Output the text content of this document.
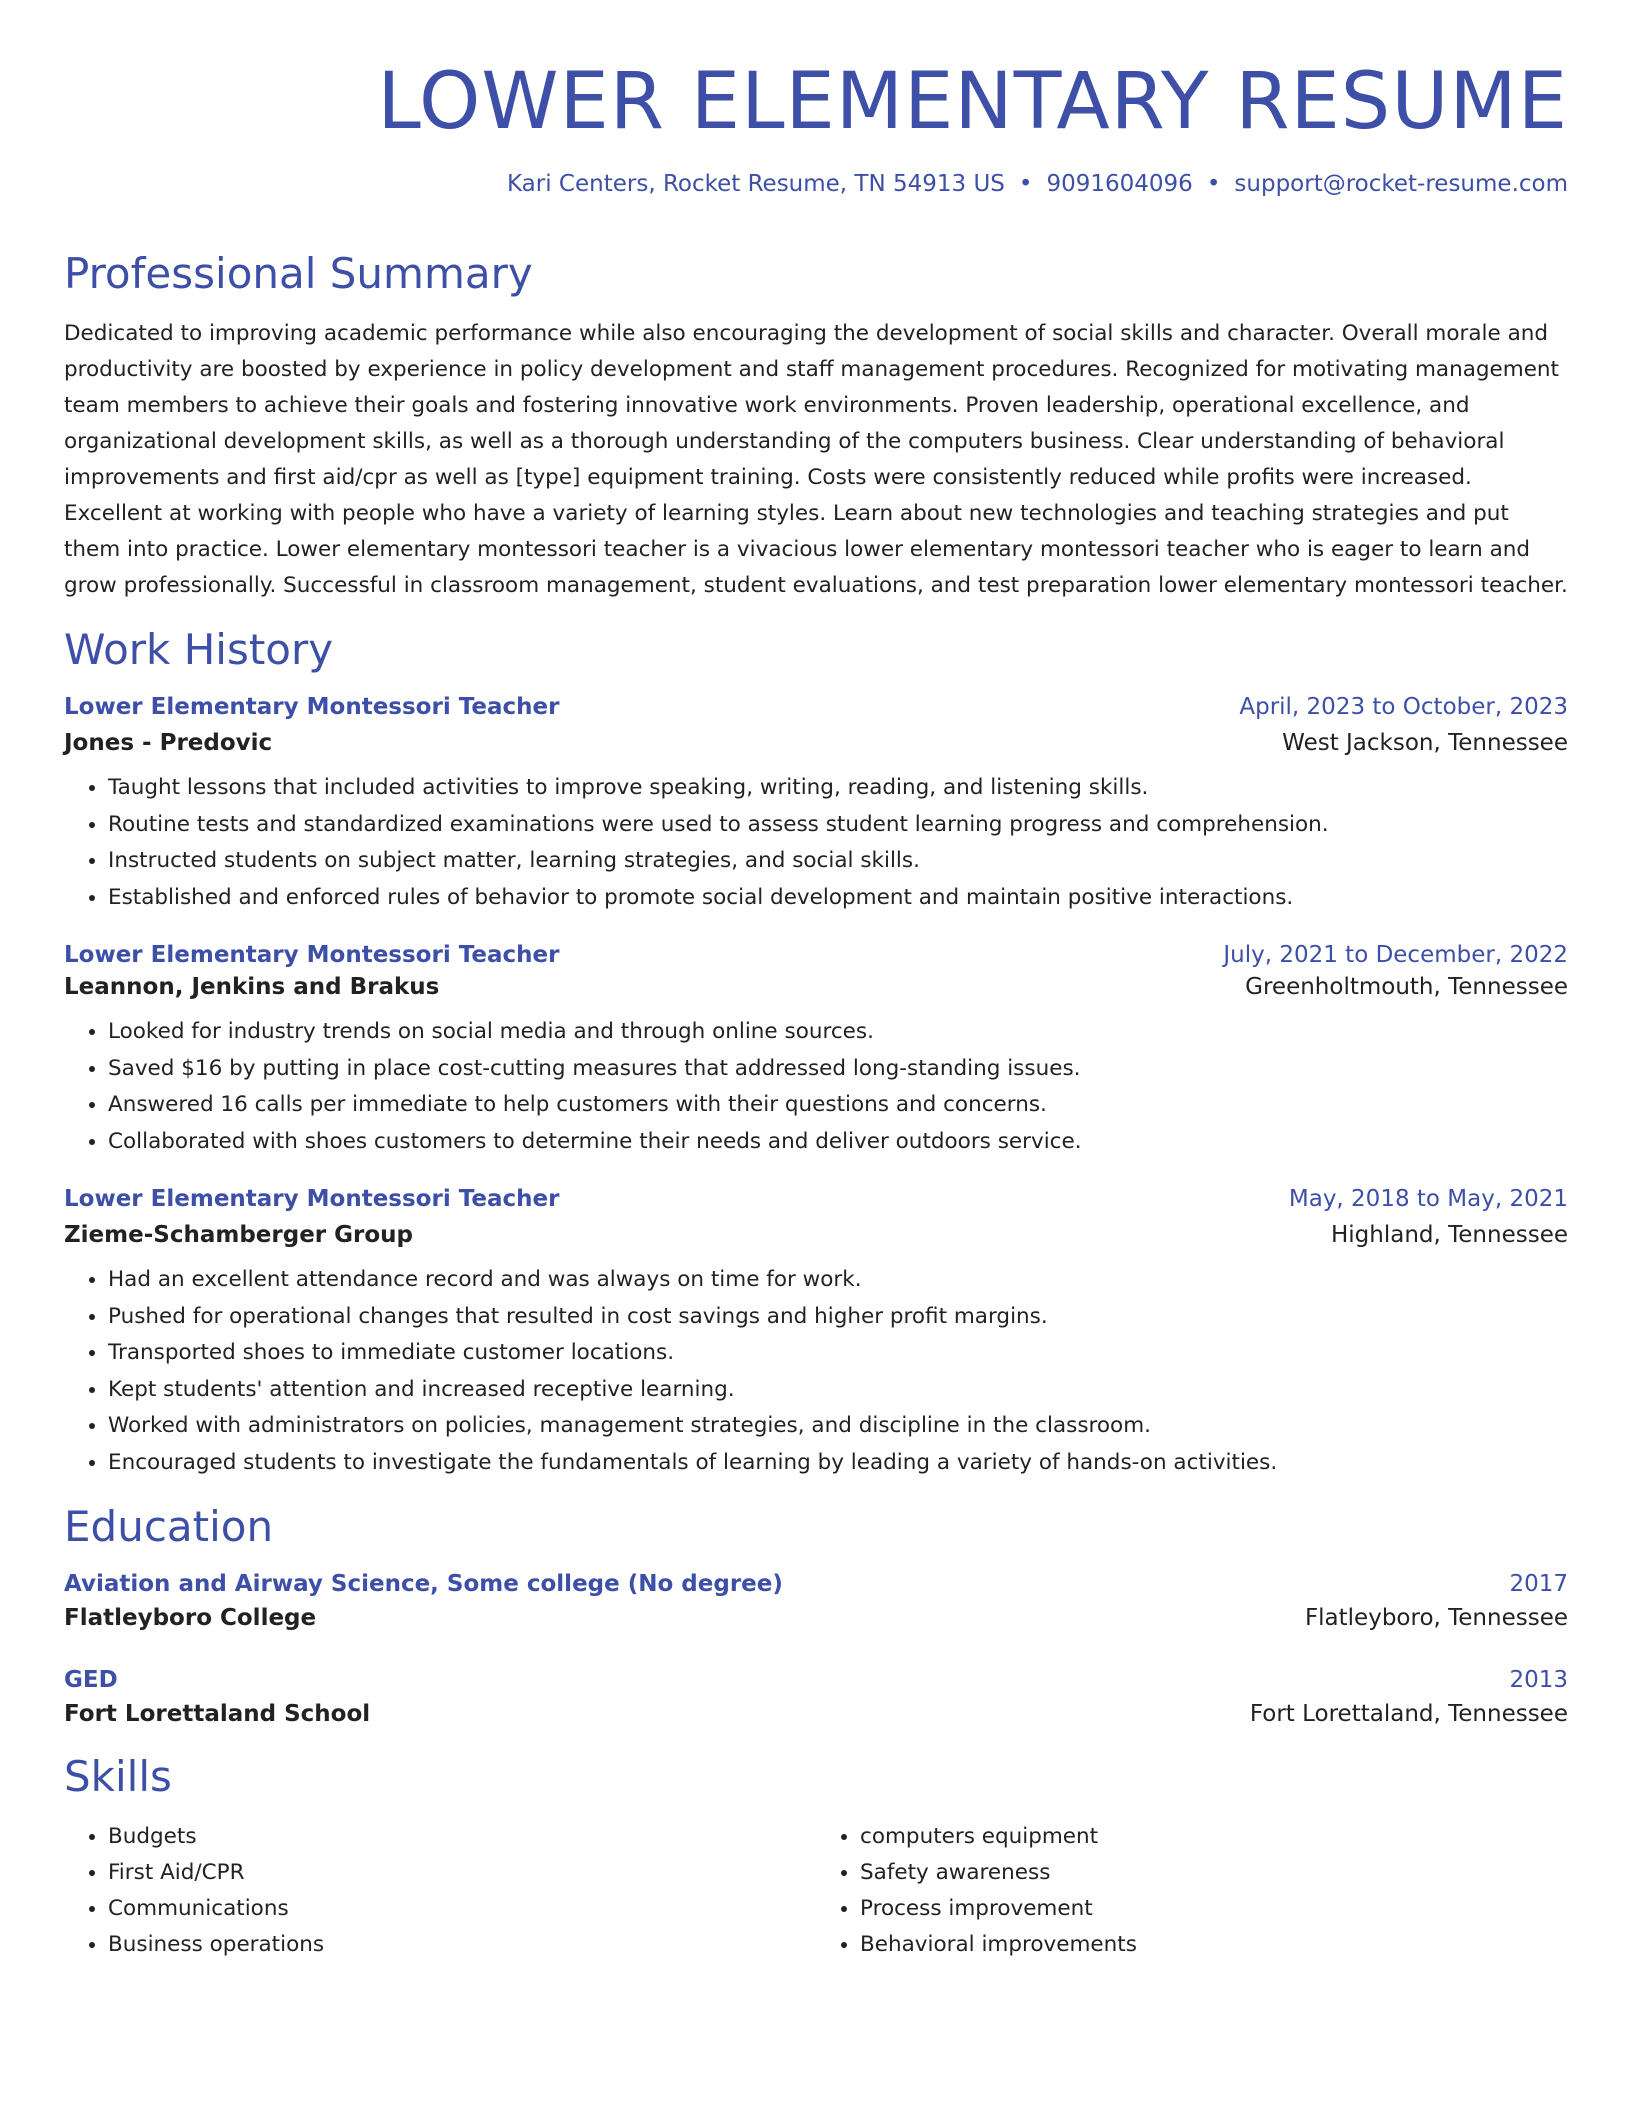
LOWER ELEMENTARY RESUME
Kari Centers, Rocket Resume, TN 54913 US • 9091604096 • support@rocket-resume.com
Professional Summary
Dedicated to improving academic performance while also encouraging the development of social skills and character. Overall morale and productivity are boosted by experience in policy development and staff management procedures. Recognized for motivating management team members to achieve their goals and fostering innovative work environments. Proven leadership, operational excellence, and organizational development skills, as well as a thorough understanding of the computers business. Clear understanding of behavioral improvements and first aid/cpr as well as [type] equipment training. Costs were consistently reduced while profits were increased. Excellent at working with people who have a variety of learning styles. Learn about new technologies and teaching strategies and put them into practice. Lower elementary montessori teacher is a vivacious lower elementary montessori teacher who is eager to learn and grow professionally. Successful in classroom management, student evaluations, and test preparation lower elementary montessori teacher.
Work History
Lower Elementary Montessori Teacher	April, 2023 to October, 2023
Jones - Predovic	West Jackson, Tennessee
• Taught lessons that included activities to improve speaking, writing, reading, and listening skills.
• Routine tests and standardized examinations were used to assess student learning progress and comprehension.
• Instructed students on subject matter, learning strategies, and social skills.
• Established and enforced rules of behavior to promote social development and maintain positive interactions.
Lower Elementary Montessori Teacher	July, 2021 to December, 2022
Leannon, Jenkins and Brakus	Greenholtmouth, Tennessee
• Looked for industry trends on social media and through online sources.
• Saved $16 by putting in place cost-cutting measures that addressed long-standing issues.
• Answered 16 calls per immediate to help customers with their questions and concerns.
• Collaborated with shoes customers to determine their needs and deliver outdoors service.
Lower Elementary Montessori Teacher	May, 2018 to May, 2021
Zieme-Schamberger Group	Highland, Tennessee
• Had an excellent attendance record and was always on time for work.
• Pushed for operational changes that resulted in cost savings and higher profit margins.
• Transported shoes to immediate customer locations.
• Kept students' attention and increased receptive learning.
• Worked with administrators on policies, management strategies, and discipline in the classroom.
• Encouraged students to investigate the fundamentals of learning by leading a variety of hands-on activities.
Education
Aviation and Airway Science, Some college (No degree)	2017
Flatleyboro College	Flatleyboro, Tennessee
GED	2013
Fort Lorettaland School	Fort Lorettaland, Tennessee
Skills
• Budgets
• First Aid/CPR
• Communications
• Business operations
• computers equipment
• Safety awareness
• Process improvement
• Behavioral improvements
